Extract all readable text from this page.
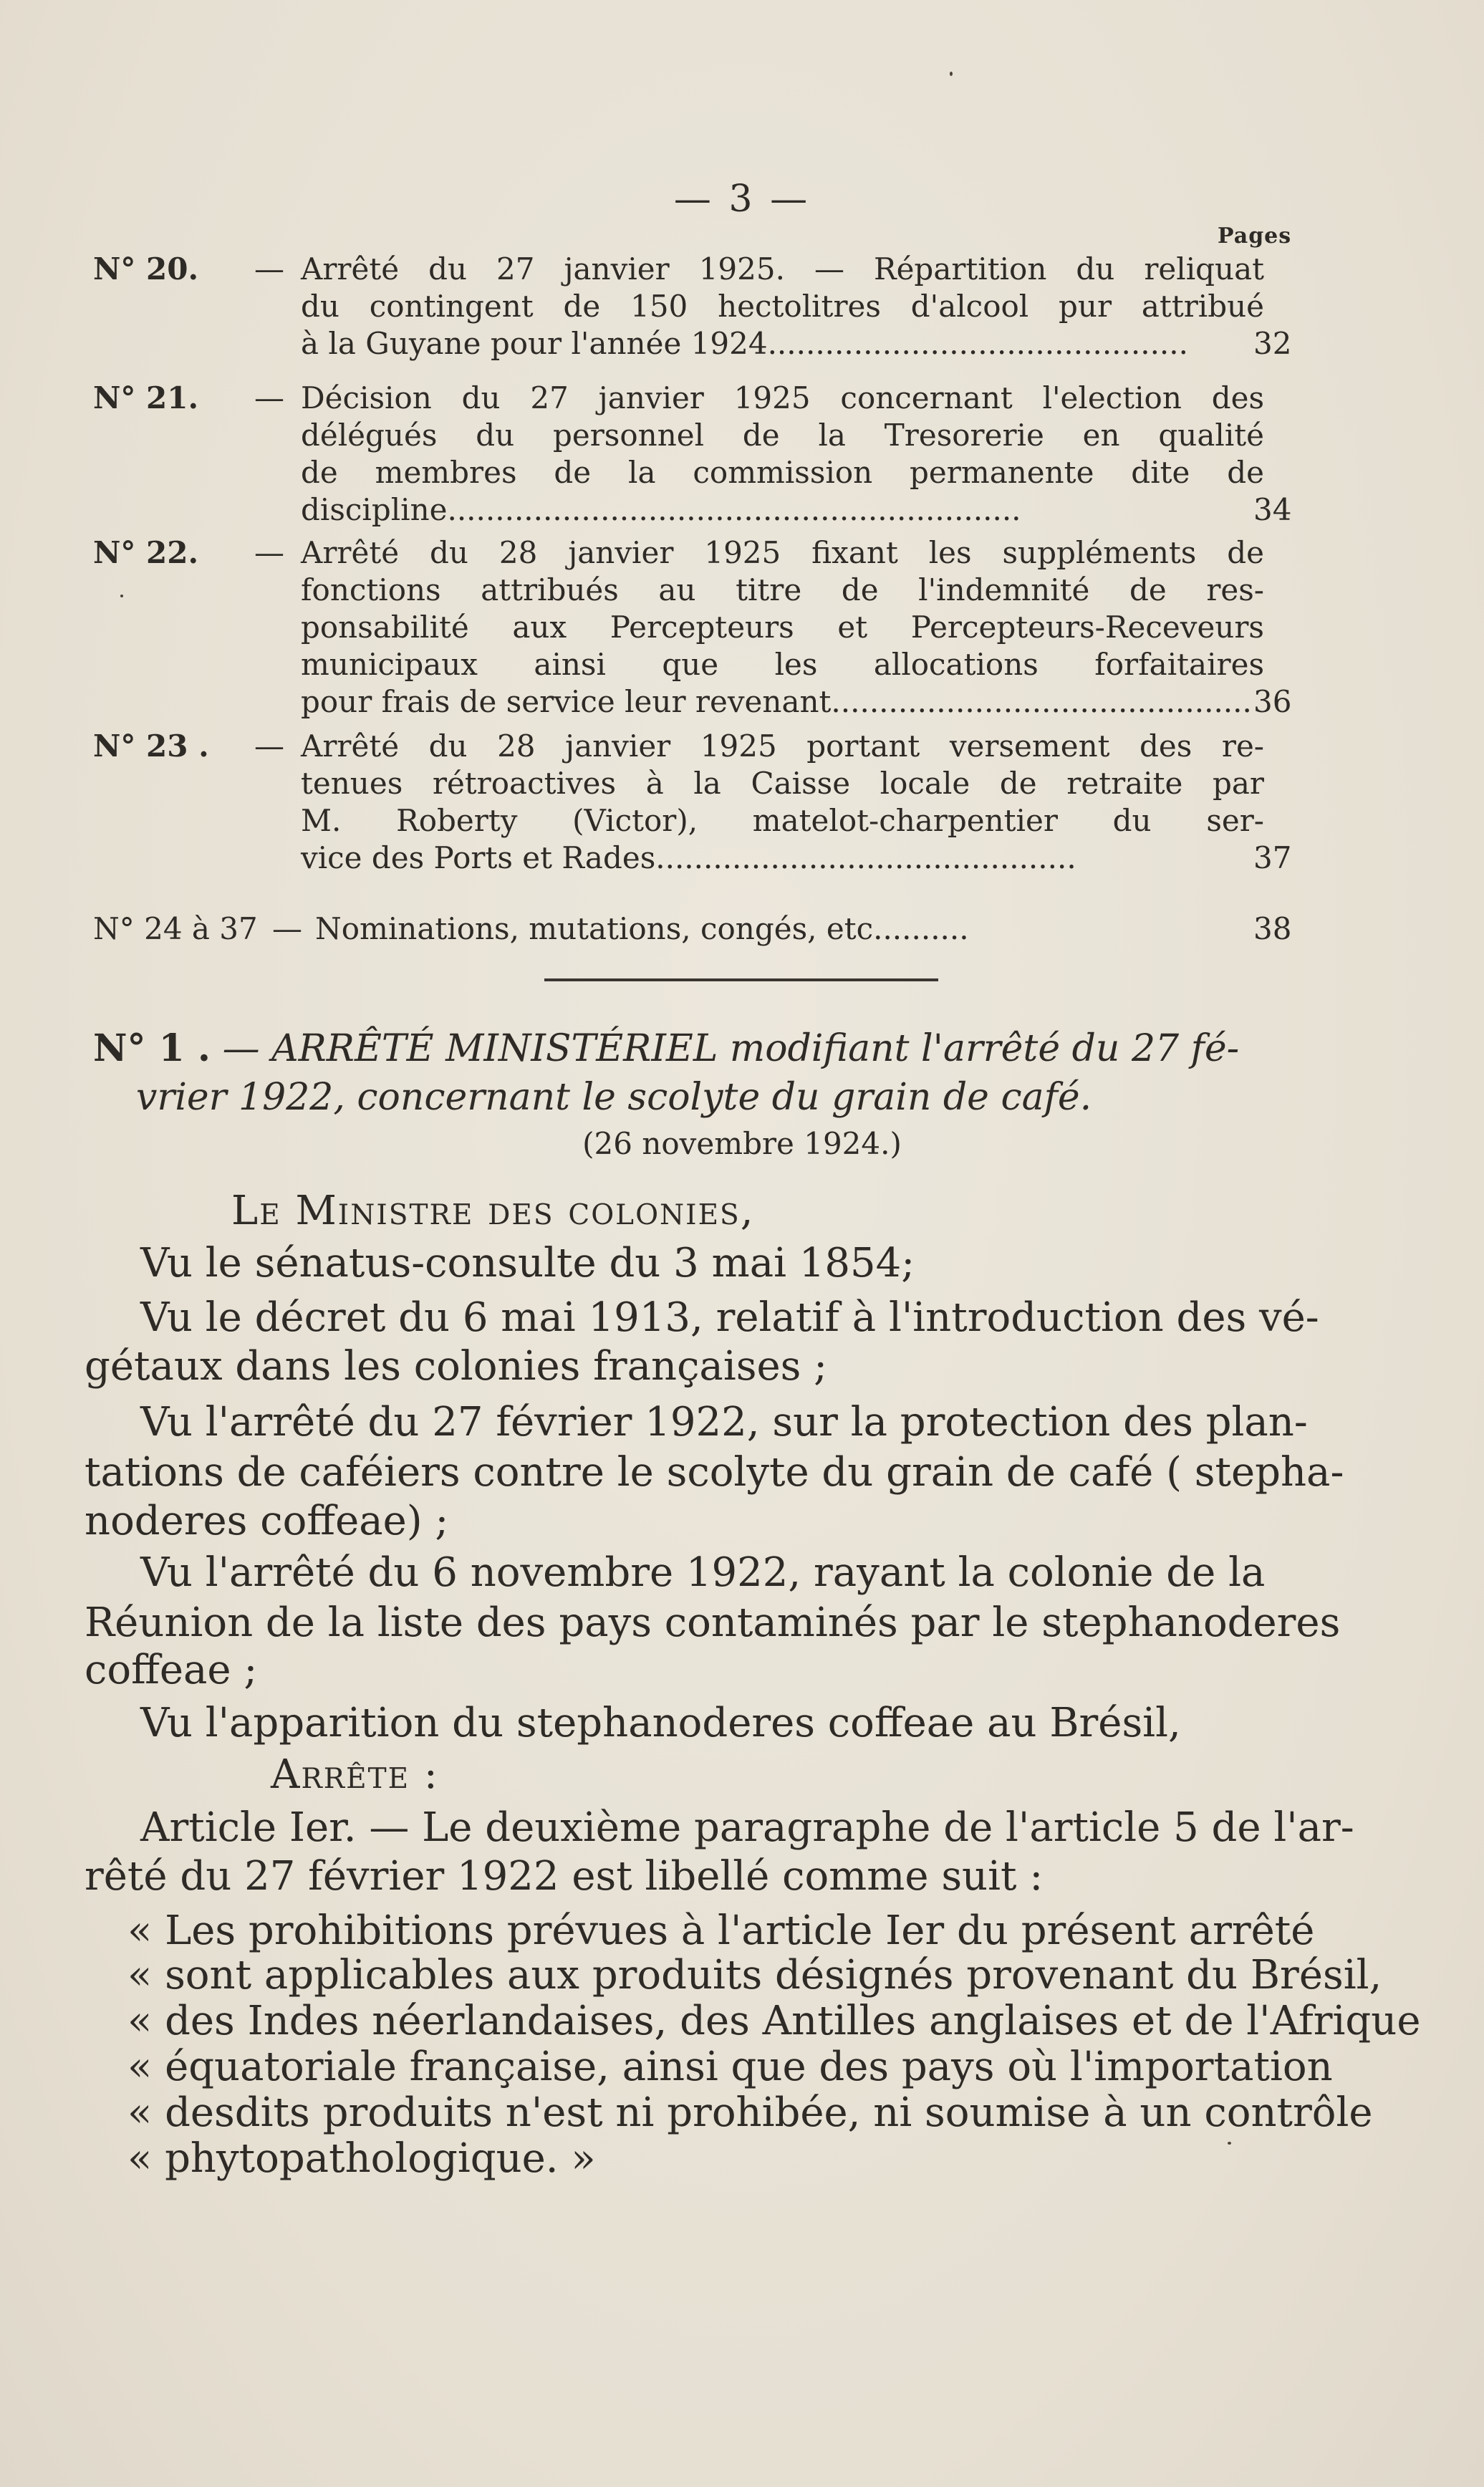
— 3 —
Pages
N° 20. — Arrêté du 27 janvier 1925. — Répartition du reliquat
du contingent de 150 hectolitres d'alcool pur attribué
à la Guyane pour l'année 1924 ............................................	32
N° 21. — Décision du 27 janvier 1925 concernant l'election des
délégués du personnel de la Tresorerie en qualité
de membres de la commission permanente dite de
discipline ............................................................	34
N° 22. — Arrêté du 28 janvier 1925 fixant les suppléments de
fonctions attribués au titre de l'indemnité de res-
ponsabilité aux Percepteurs et Percepteurs-Receveurs
municipaux ainsi que les allocations forfaitaires
pour frais de service leur revenant ............................................ 36
N° 23 . — Arrêté du 28 janvier 1925 portant versement des re-
tenues rétroactives à la Caisse locale de retraite par
M. Roberty (Victor), matelot-charpentier du ser-
vice des Ports et Rades ............................................	37
N° 24 à 37 — Nominations, mutations, congés, etc..........	38
N° 1 . — ARRÊTÉ MINISTÉRIEL modifiant l'arrêté du 27 fé-
vrier 1922, concernant le scolyte du grain de café.
(26 novembre 1924.)
Le Ministre des colonies,
Vu le sénatus-consulte du 3 mai 1854;
Vu le décret du 6 mai 1913, relatif à l'introduction des vé-
gétaux dans les colonies françaises ;
Vu l'arrêté du 27 février 1922, sur la protection des plan-
tations de caféiers contre le scolyte du grain de café ( stepha-
noderes coffeae) ;
Vu l'arrêté du 6 novembre 1922, rayant la colonie de la
Réunion de la liste des pays contaminés par le stephanoderes
coffeae ;
Vu l'apparition du stephanoderes coffeae au Brésil,
Arrête :
Article Ier. — Le deuxième paragraphe de l'article 5 de l'ar-
rêté du 27 février 1922 est libellé comme suit :
« Les prohibitions prévues à l'article Ier du présent arrêté
« sont applicables aux produits désignés provenant du Brésil,
« des Indes néerlandaises, des Antilles anglaises et de l'Afrique
« équatoriale française, ainsi que des pays où l'importation
« desdits produits n'est ni prohibée, ni soumise à un contrôle
« phytopathologique. »
